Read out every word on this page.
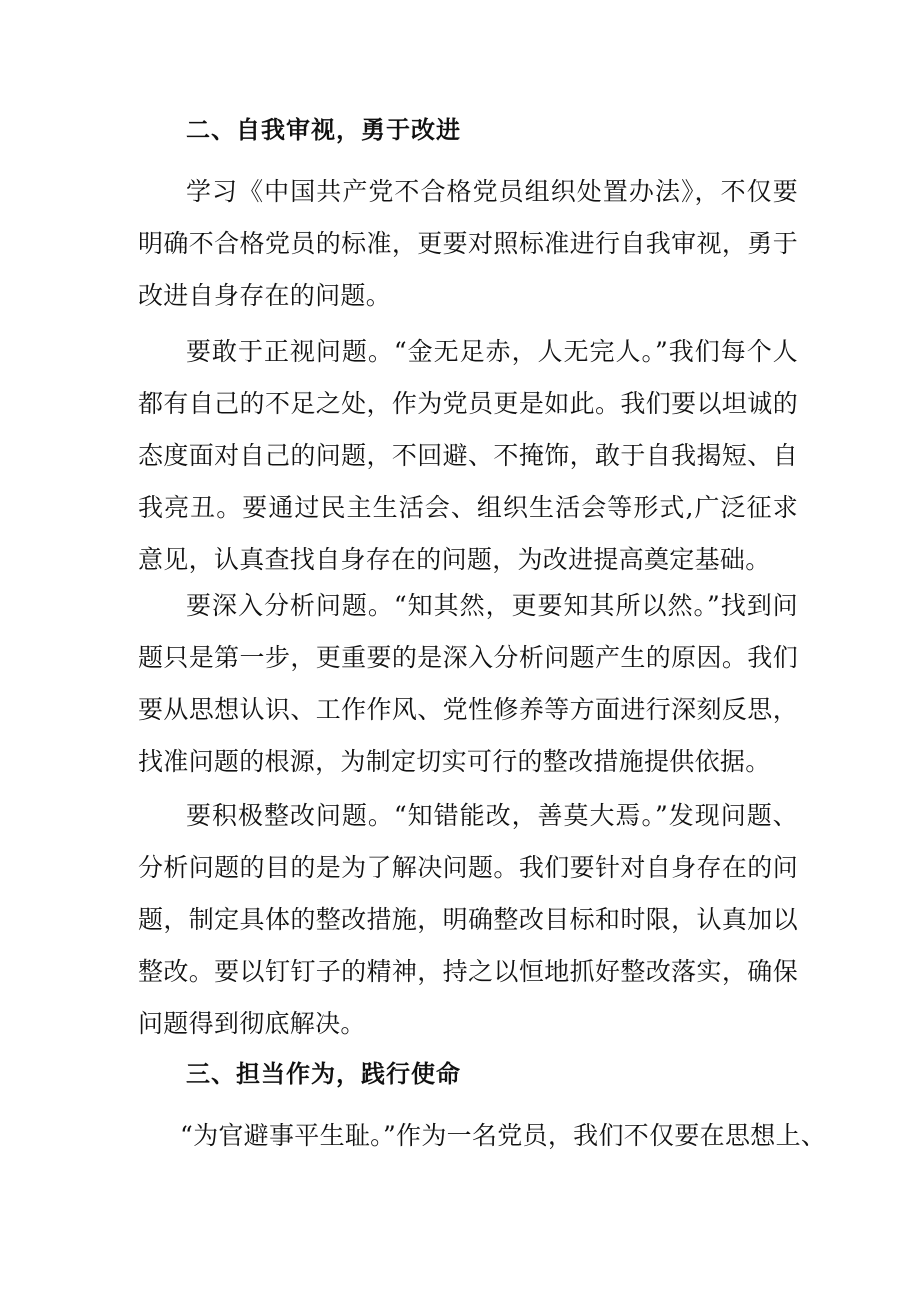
二、自我审视，勇于改进

学习《中国共产党不合格党员组织处置办法》，不仅要明确不合格党员的标准，更要对照标准进行自我审视，勇于改进自身存在的问题。

要敢于正视问题。“金无足赤，人无完人。”我们每个人都有自己的不足之处，作为党员更是如此。我们要以坦诚的态度面对自己的问题，不回避、不掩饰，敢于自我揭短、自我亮丑。要通过民主生活会、组织生活会等形式,广泛征求意见，认真查找自身存在的问题，为改进提高奠定基础。

要深入分析问题。“知其然，更要知其所以然。”找到问题只是第一步，更重要的是深入分析问题产生的原因。我们要从思想认识、工作作风、党性修养等方面进行深刻反思，找准问题的根源，为制定切实可行的整改措施提供依据。

要积极整改问题。“知错能改，善莫大焉。”发现问题、分析问题的目的是为了解决问题。我们要针对自身存在的问题，制定具体的整改措施，明确整改目标和时限，认真加以整改。要以钉钉子的精神，持之以恒地抓好整改落实，确保问题得到彻底解决。

三、担当作为，践行使命

“为官避事平生耻。”作为一名党员，我们不仅要在思想上、
